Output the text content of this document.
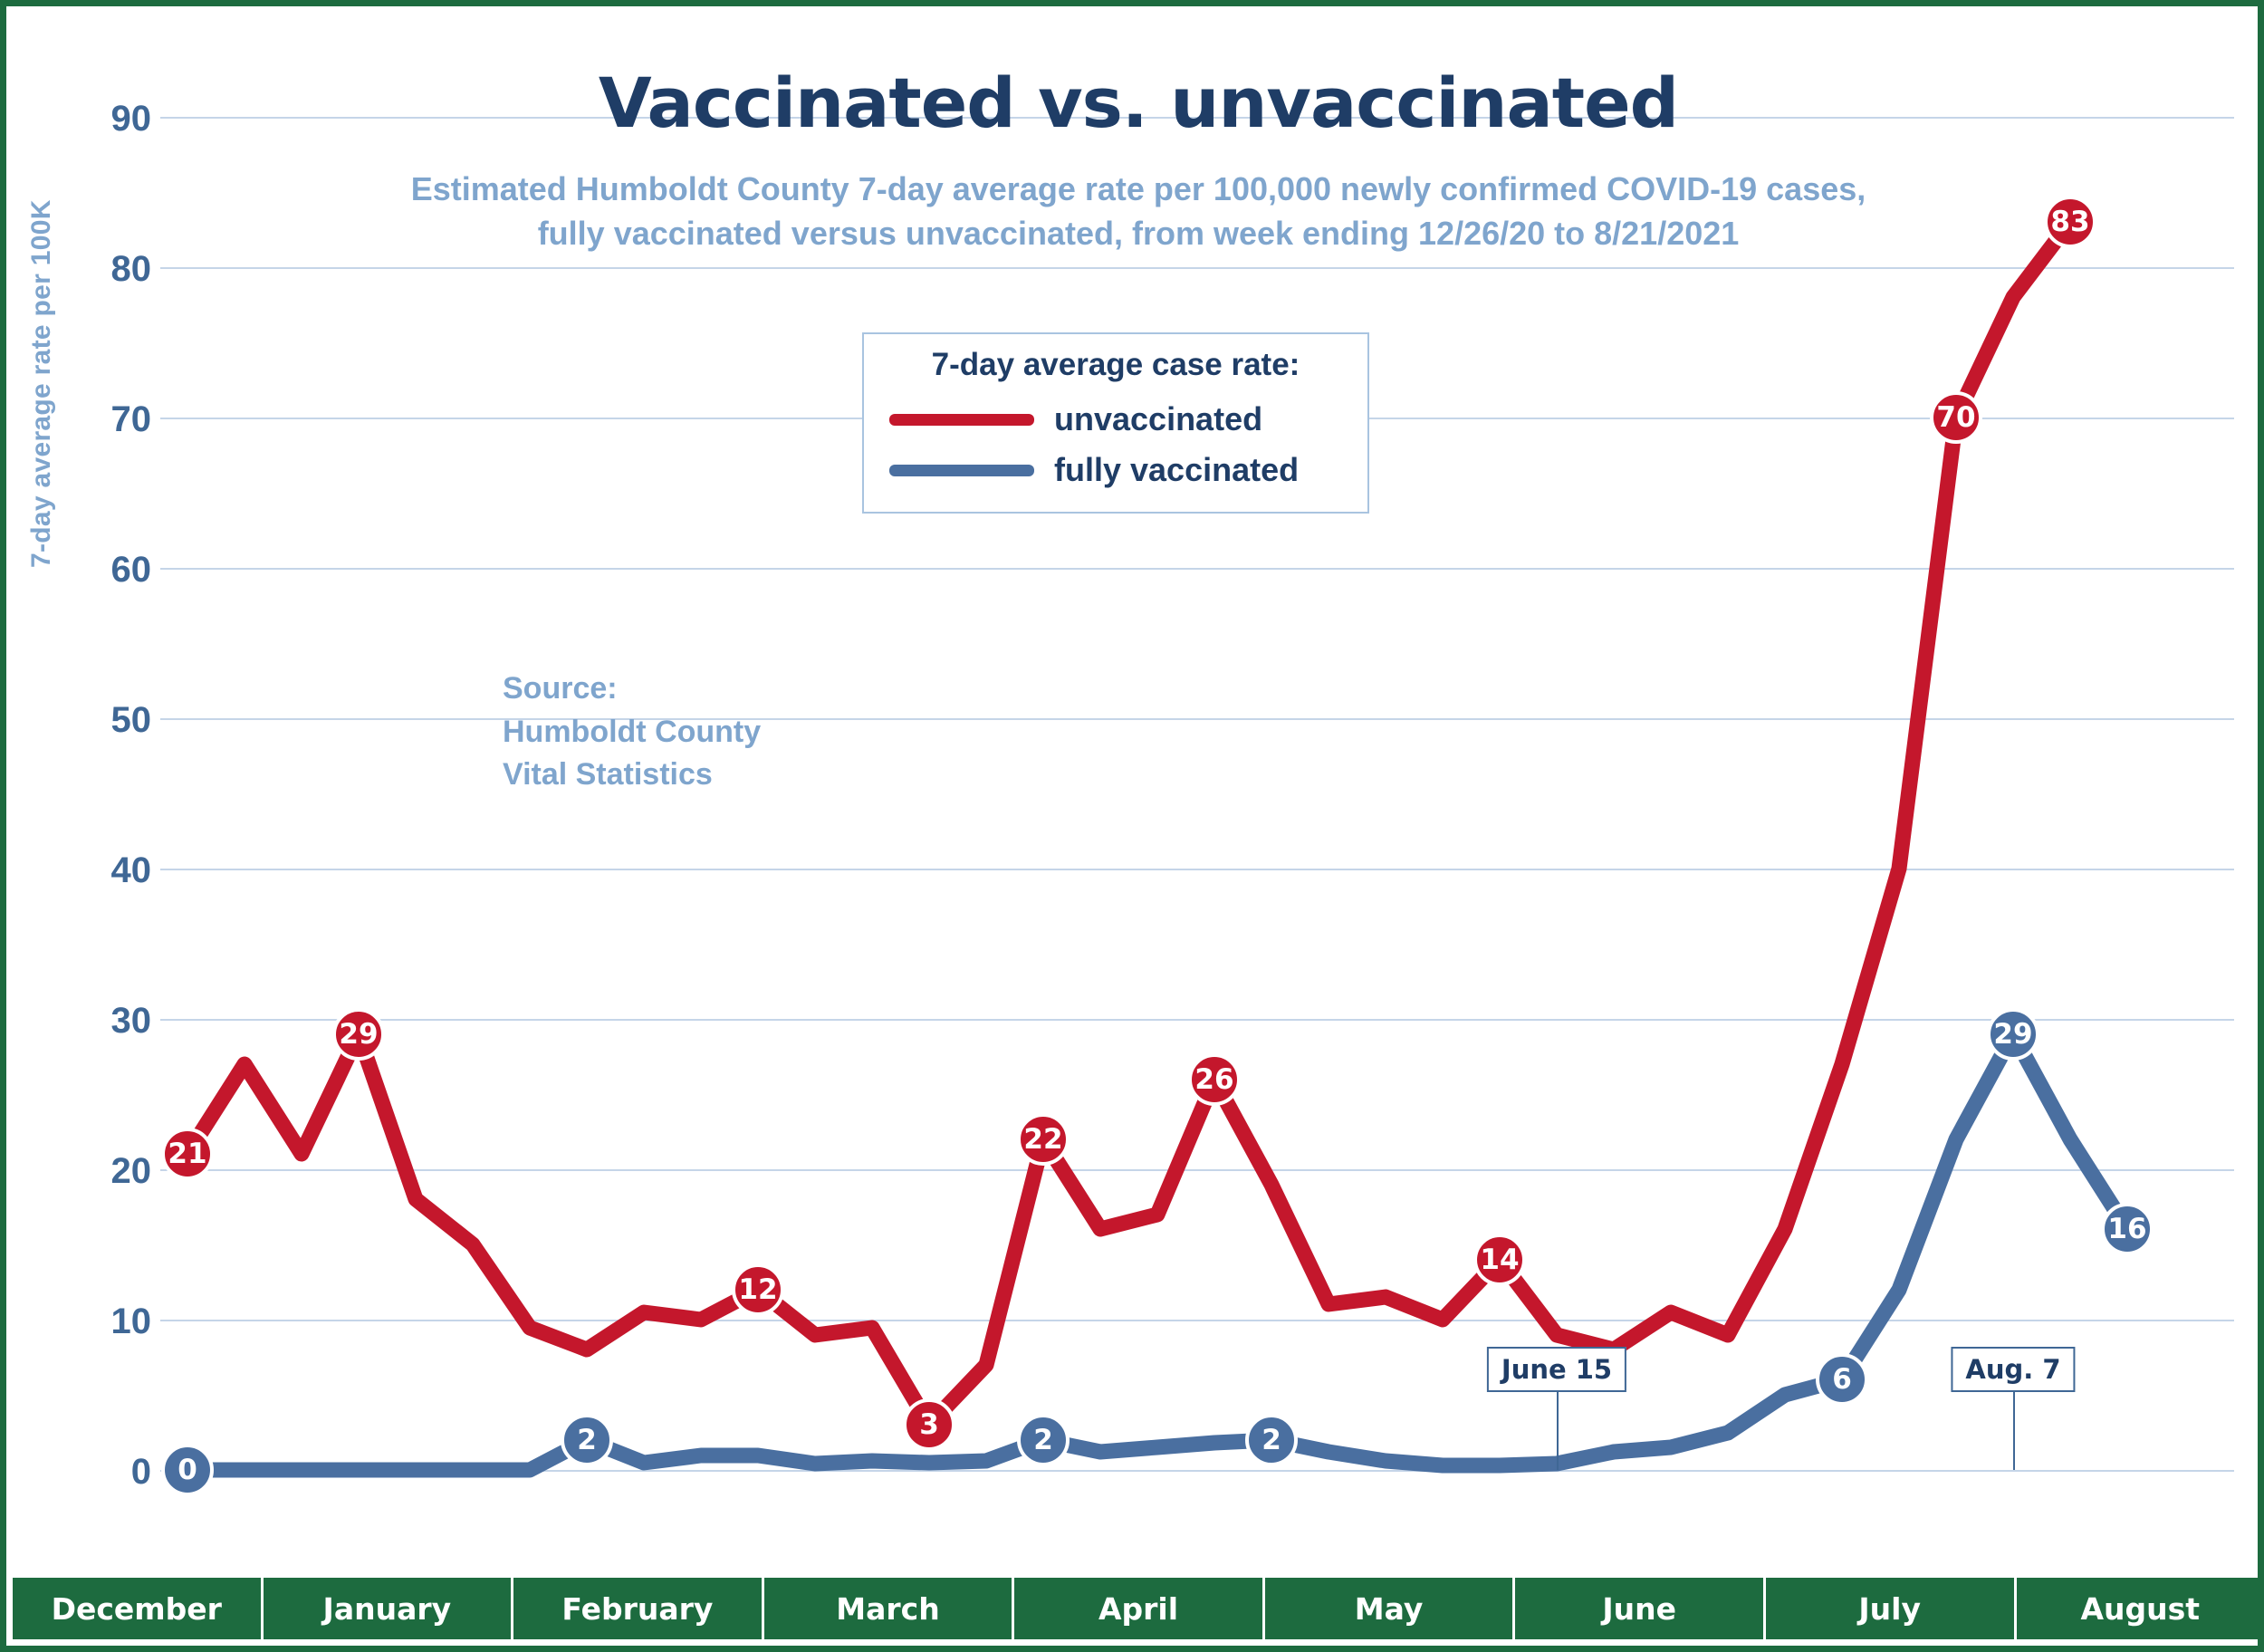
7-day average rate per 100K
June 15	Aug. 7
21
29
12
3
22
26
14
70
83
0
2	2	2
6
29
16
0
10
20
30
40
50
60
70
80
90	Vaccinated vs. unvaccinated
Estimated Humboldt County 7-day average rate per 100,000 newly confirmed COVID-19 cases,
fully vaccinated versus unvaccinated, from week ending 12/26/20 to 8/21/2021
7-day average case rate:
unvaccinated
fully vaccinated
Source:
Humboldt County
Vital Statistics
December	January	February	March	April	May	June	July	August
